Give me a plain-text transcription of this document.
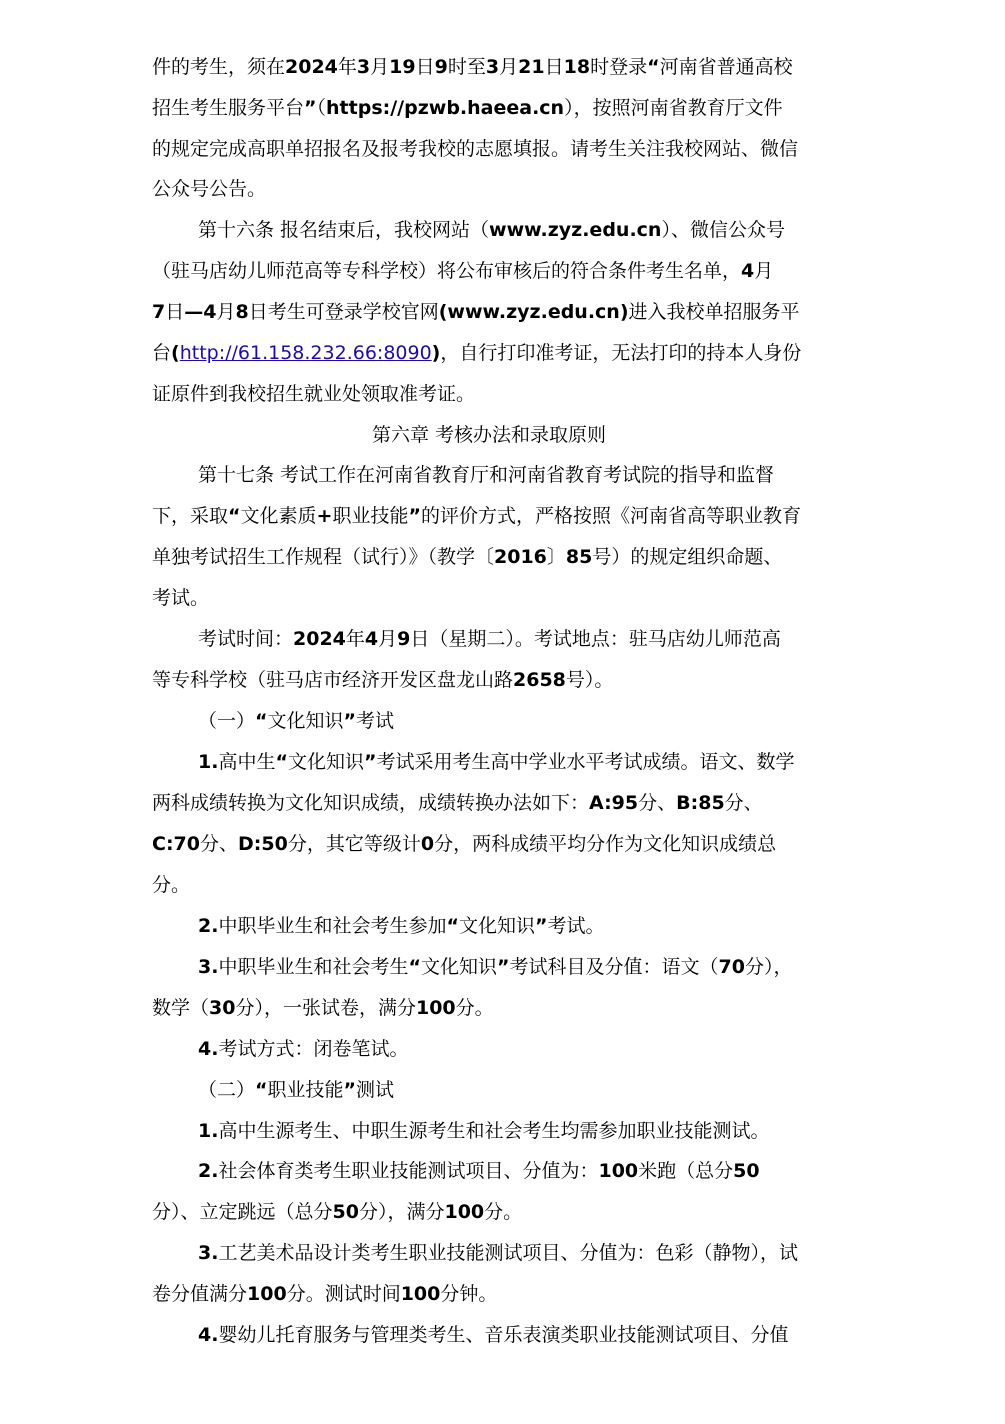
件的考生，须在2024年3月19日9时至3月21日18时登录“河南省普通高校
招生考生服务平台”（https://pzwb.haeea.cn），按照河南省教育厅文件
的规定完成高职单招报名及报考我校的志愿填报。请考生关注我校网站、微信
公众号公告。
第十六条 报名结束后，我校网站（www.zyz.edu.cn）、微信公众号
（驻马店幼儿师范高等专科学校）将公布审核后的符合条件考生名单，4月
7日—4月8日考生可登录学校官网(www.zyz.edu.cn)进入我校单招服务平
台(http://61.158.232.66:8090)，自行打印准考证，无法打印的持本人身份
证原件到我校招生就业处领取准考证。
第六章 考核办法和录取原则
第十七条 考试工作在河南省教育厅和河南省教育考试院的指导和监督
下，采取“文化素质+职业技能”的评价方式，严格按照《河南省高等职业教育
单独考试招生工作规程（试行）》（教学〔2016〕85号）的规定组织命题、
考试。
考试时间：2024年4月9日（星期二）。考试地点：驻马店幼儿师范高
等专科学校（驻马店市经济开发区盘龙山路2658号）。
（一）“文化知识”考试
1.高中生“文化知识”考试采用考生高中学业水平考试成绩。语文、数学
两科成绩转换为文化知识成绩，成绩转换办法如下：A:95分、B:85分、
C:70分、D:50分，其它等级计0分，两科成绩平均分作为文化知识成绩总
分。
2.中职毕业生和社会考生参加“文化知识”考试。
3.中职毕业生和社会考生“文化知识”考试科目及分值：语文（70分），
数学（30分），一张试卷，满分100分。
4.考试方式：闭卷笔试。
（二）“职业技能”测试
1.高中生源考生、中职生源考生和社会考生均需参加职业技能测试。
2.社会体育类考生职业技能测试项目、分值为：100米跑（总分50
分）、立定跳远（总分50分），满分100分。
3.工艺美术品设计类考生职业技能测试项目、分值为：色彩（静物），试
卷分值满分100分。测试时间100分钟。
4.婴幼儿托育服务与管理类考生、音乐表演类职业技能测试项目、分值
